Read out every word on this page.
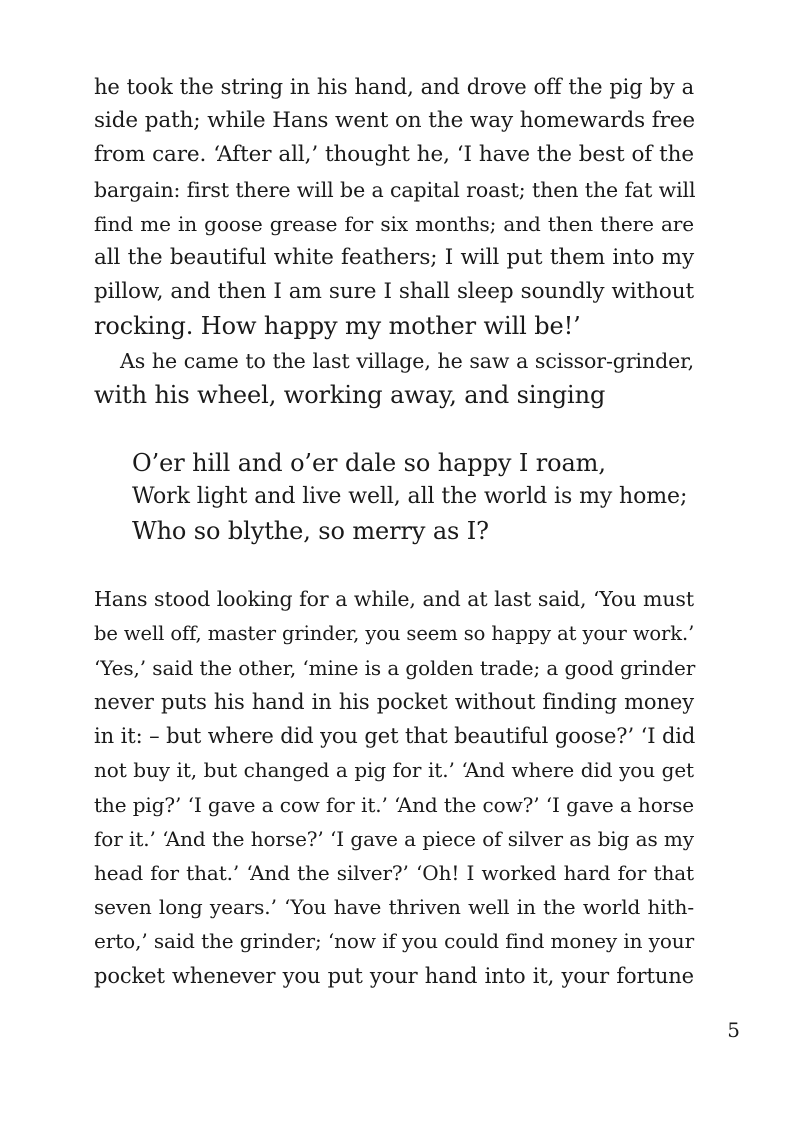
he took the string in his hand, and drove off the pig by a
side path; while Hans went on the way homewards free
from care. ‘After all,’ thought he, ‘I have the best of the
bargain: first there will be a capital roast; then the fat will
find me in goose grease for six months; and then there are
all the beautiful white feathers; I will put them into my
pillow, and then I am sure I shall sleep soundly without
rocking. How happy my mother will be!’
As he came to the last village, he saw a scissor-grinder,
with his wheel, working away, and singing
O’er hill and o’er dale so happy I roam,
Work light and live well, all the world is my home;
Who so blythe, so merry as I?
Hans stood looking for a while, and at last said, ‘You must
be well off, master grinder, you seem so happy at your work.’
‘Yes,’ said the other, ‘mine is a golden trade; a good grinder
never puts his hand in his pocket without finding money
in it: – but where did you get that beautiful goose?’ ‘I did
not buy it, but changed a pig for it.’ ‘And where did you get
the pig?’ ‘I gave a cow for it.’ ‘And the cow?’ ‘I gave a horse
for it.’ ‘And the horse?’ ‘I gave a piece of silver as big as my
head for that.’ ‘And the silver?’ ‘Oh! I worked hard for that
seven long years.’ ‘You have thriven well in the world hith-
erto,’ said the grinder; ‘now if you could find money in your
pocket whenever you put your hand into it, your fortune
5
